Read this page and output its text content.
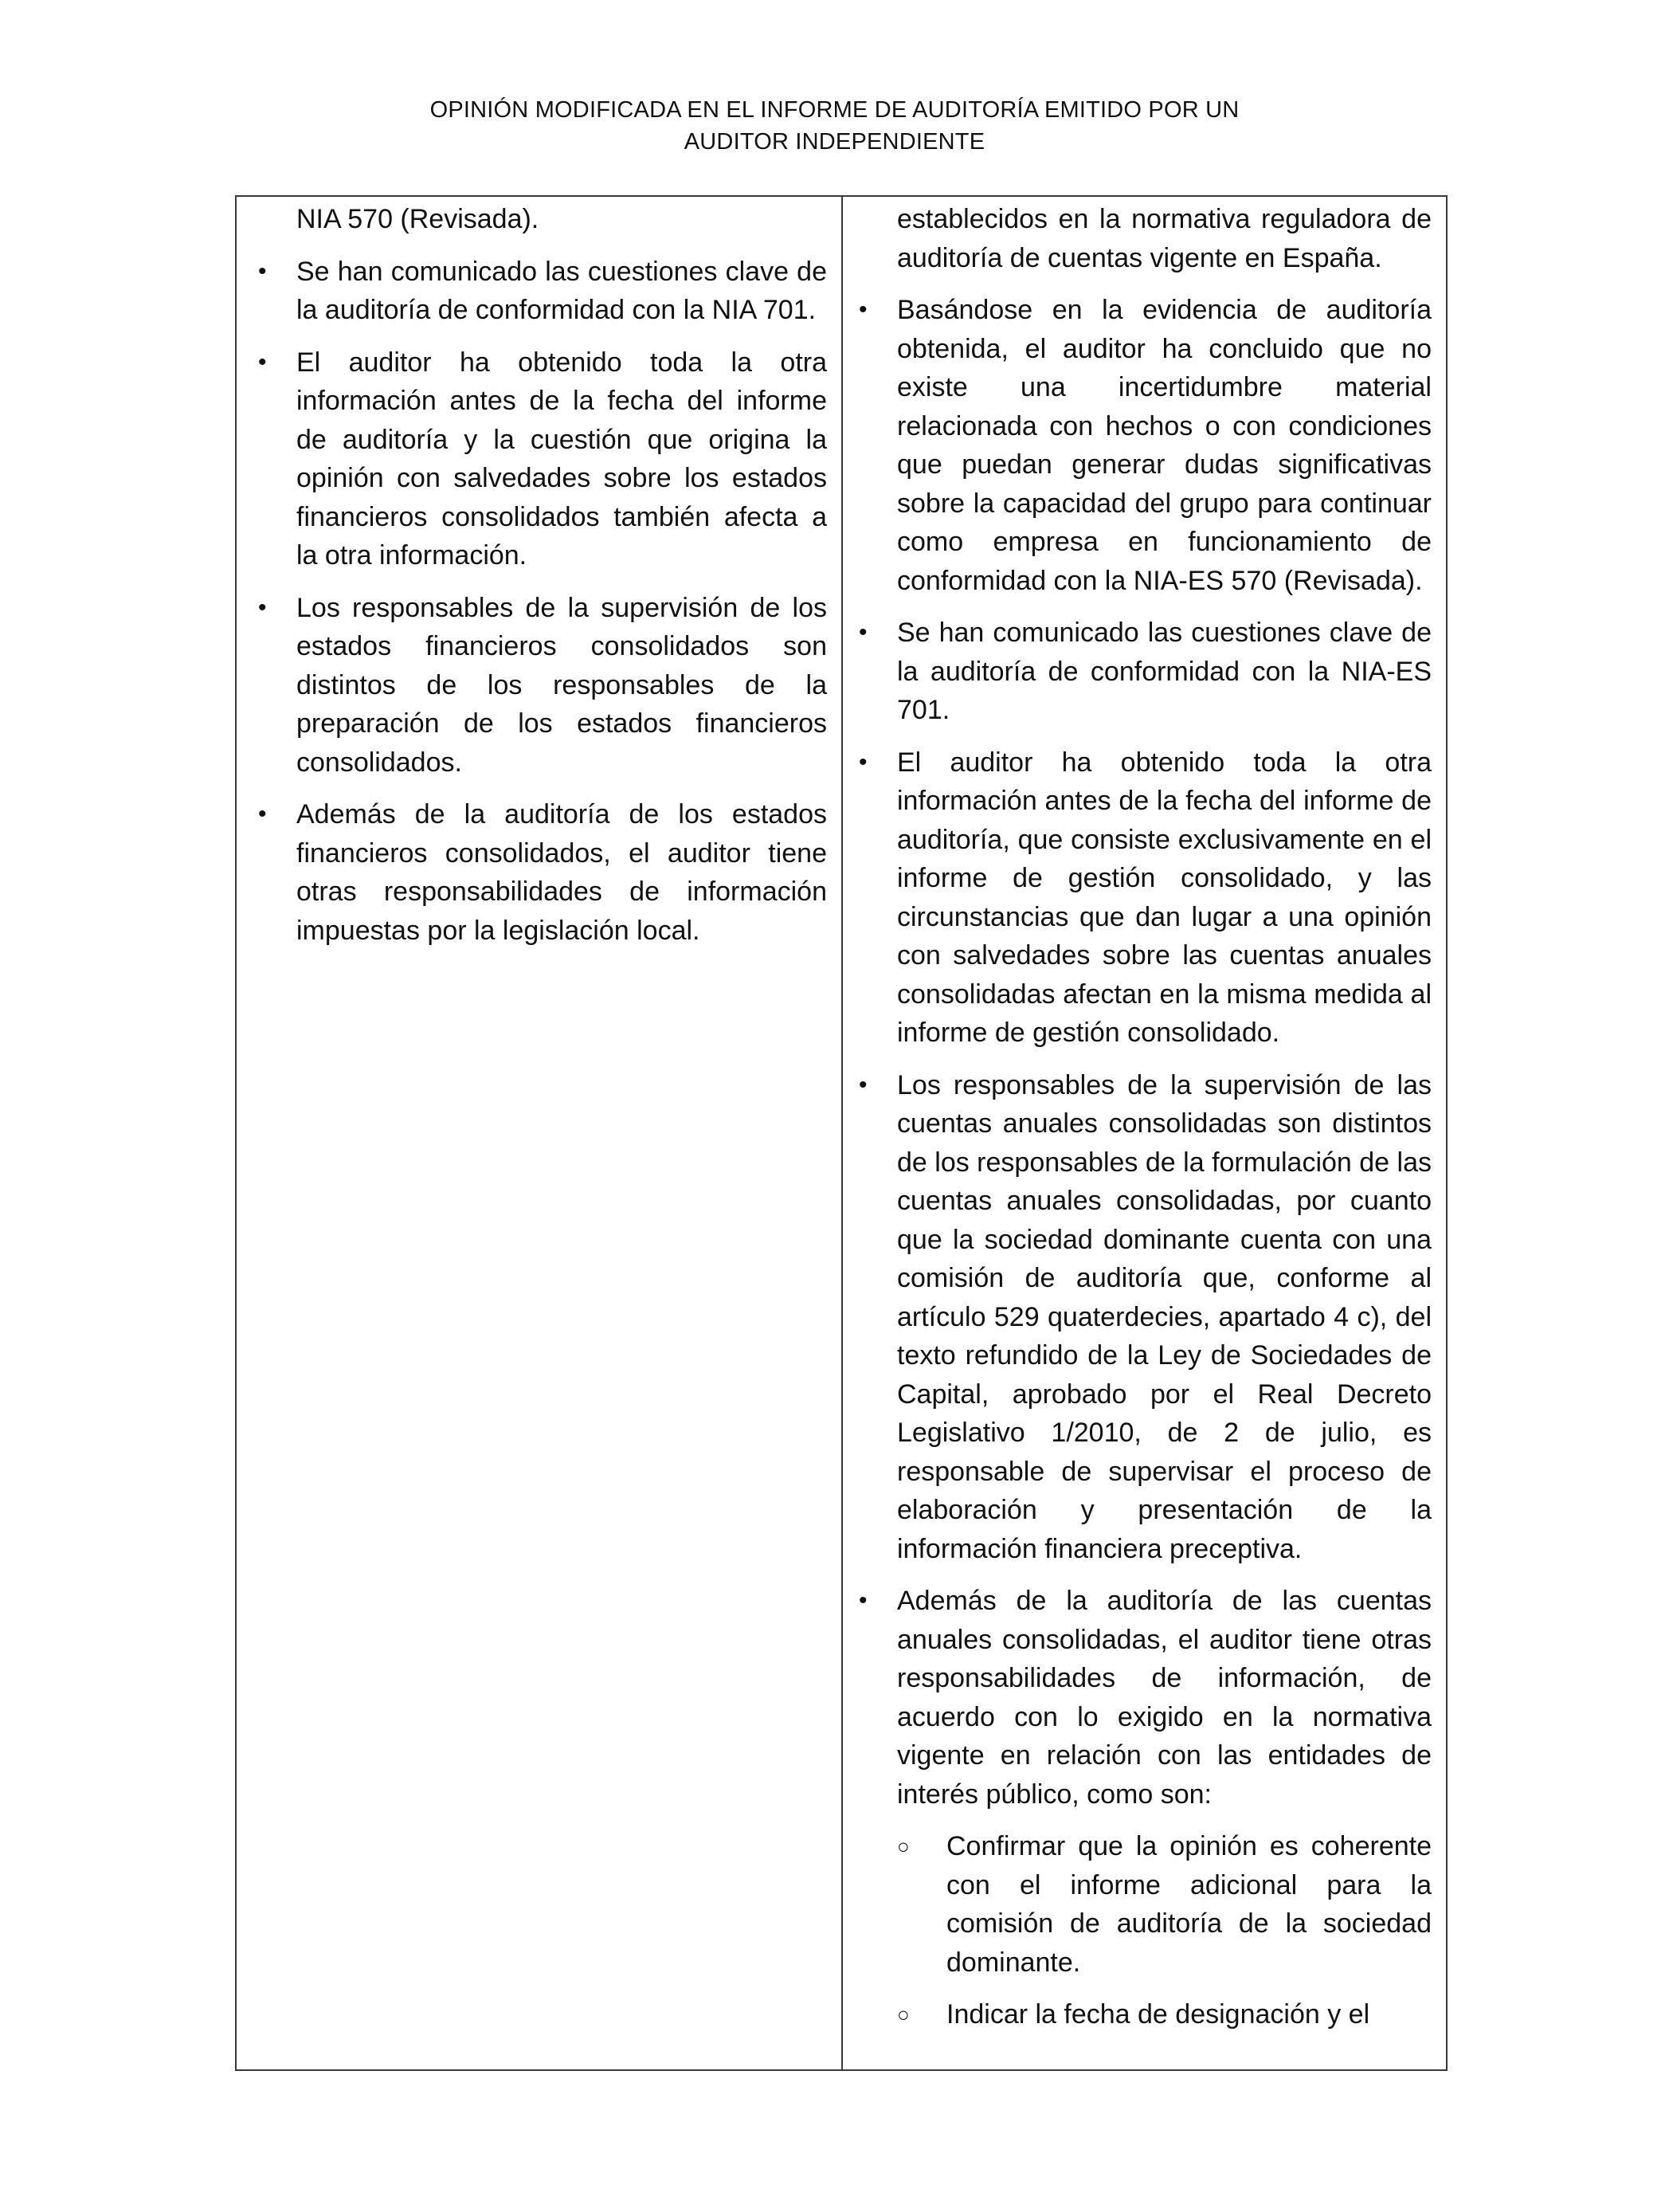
OPINIÓN MODIFICADA EN EL INFORME DE AUDITORÍA EMITIDO POR UN
AUDITOR INDEPENDIENTE
NIA 570 (Revisada).
•	Se han comunicado las cuestiones clave de la auditoría de conformidad con la NIA 701.
•	El auditor ha obtenido toda la otra información antes de la fecha del informe de auditoría y la cuestión que origina la opinión con salvedades sobre los estados financieros consolidados también afecta a la otra información.
•	Los responsables de la supervisión de los estados financieros consolidados son distintos de los responsables de la preparación de los estados financieros consolidados.
•	Además de la auditoría de los estados financieros consolidados, el auditor tiene otras responsabilidades de información impuestas por la legislación local.
establecidos en la normativa reguladora de auditoría de cuentas vigente en España.
•	Basándose en la evidencia de auditoría obtenida, el auditor ha concluido que no existe una incertidumbre material relacionada con hechos o con condiciones que puedan generar dudas significativas sobre la capacidad del grupo para continuar como empresa en funcionamiento de conformidad con la NIA-ES 570 (Revisada).
•	Se han comunicado las cuestiones clave de la auditoría de conformidad con la NIA-ES 701.
•	El auditor ha obtenido toda la otra información antes de la fecha del informe de auditoría, que consiste exclusivamente en el informe de gestión consolidado, y las circunstancias que dan lugar a una opinión con salvedades sobre las cuentas anuales consolidadas afectan en la misma medida al informe de gestión consolidado.
•	Los responsables de la supervisión de las cuentas anuales consolidadas son distintos de los responsables de la formulación de las cuentas anuales consolidadas, por cuanto que la sociedad dominante cuenta con una comisión de auditoría que, conforme al artículo 529 quaterdecies, apartado 4 c), del texto refundido de la Ley de Sociedades de Capital, aprobado por el Real Decreto Legislativo 1/2010, de 2 de julio, es responsable de supervisar el proceso de elaboración y presentación de la información financiera preceptiva.
•	Además de la auditoría de las cuentas anuales consolidadas, el auditor tiene otras responsabilidades de información, de acuerdo con lo exigido en la normativa vigente en relación con las entidades de interés público, como son:
○	Confirmar que la opinión es coherente con el informe adicional para la comisión de auditoría de la sociedad dominante.
○	Indicar la fecha de designación y el
